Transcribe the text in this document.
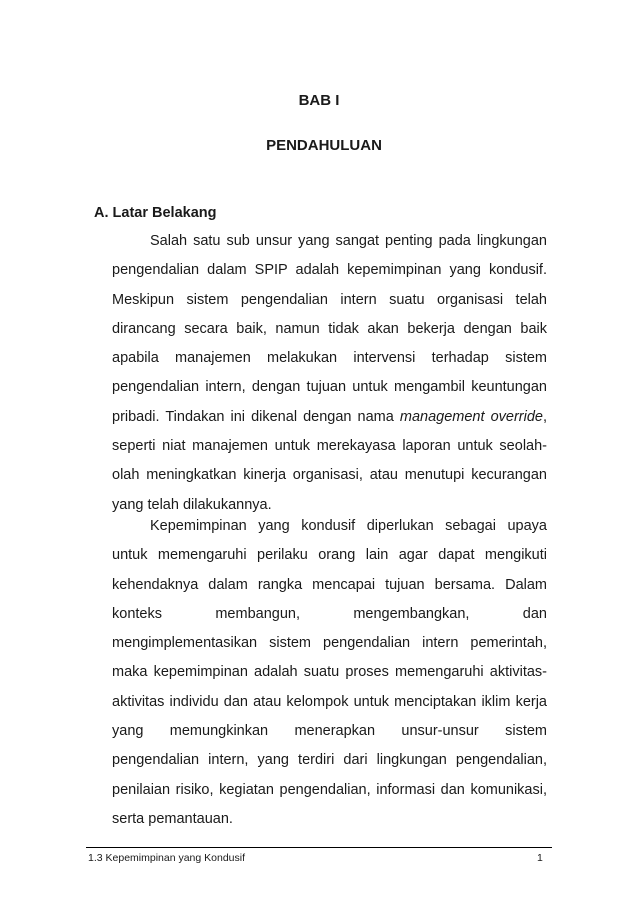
BAB I
PENDAHULUAN
A. Latar Belakang

Salah satu sub unsur yang sangat penting pada lingkungan pengendalian dalam SPIP adalah kepemimpinan yang kondusif. Meskipun sistem pengendalian intern suatu organisasi telah dirancang secara baik, namun tidak akan bekerja dengan baik apabila manajemen melakukan intervensi terhadap sistem pengendalian intern, dengan tujuan untuk mengambil keuntungan pribadi. Tindakan ini dikenal dengan nama management override, seperti niat manajemen untuk merekayasa laporan untuk seolah-olah meningkatkan kinerja organisasi, atau menutupi kecurangan yang telah dilakukannya.

Kepemimpinan yang kondusif diperlukan sebagai upaya untuk memengaruhi perilaku orang lain agar dapat mengikuti kehendaknya dalam rangka mencapai tujuan bersama. Dalam konteks membangun, mengembangkan, dan mengimplementasikan sistem pengendalian intern pemerintah, maka kepemimpinan adalah suatu proses memengaruhi aktivitas-aktivitas individu dan atau kelompok untuk menciptakan iklim kerja yang memungkinkan menerapkan unsur-unsur sistem pengendalian intern, yang terdiri dari lingkungan pengendalian, penilaian risiko, kegiatan pengendalian, informasi dan komunikasi, serta pemantauan.

1.3 Kepemimpinan yang Kondusif	1
